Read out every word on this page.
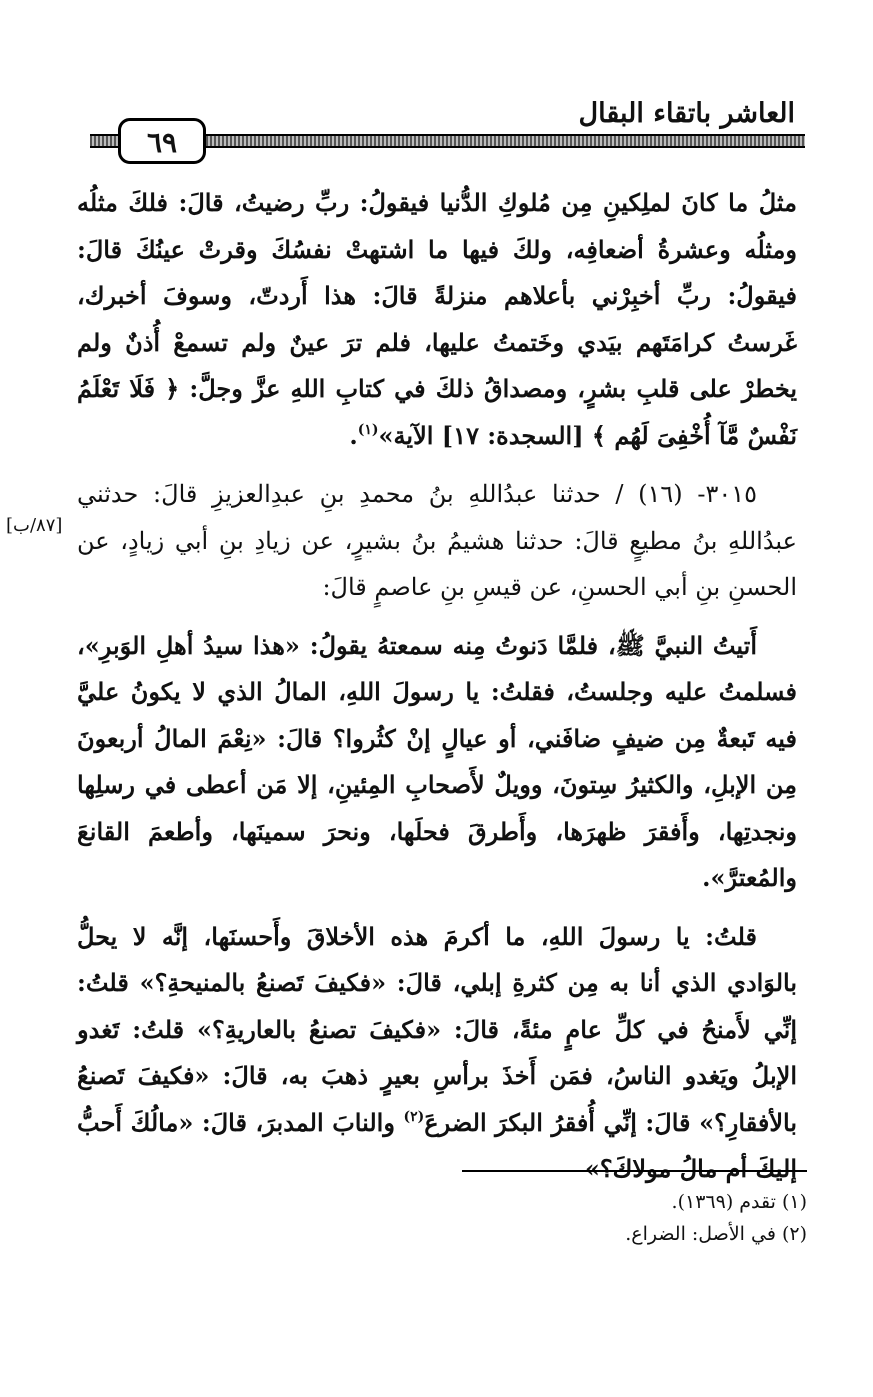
العاشر باتقاء البقال
٦٩
[٨٧/ب]

مثلُ ما كانَ لملِكينِ مِن مُلوكِ الدُّنيا فيقولُ: ربِّ رضيتُ، قالَ: فلكَ مثلُه ومثلُه وعشرةُ أضعافِه، ولكَ فيها ما اشتهتْ نفسُكَ وقرتْ عينُكَ قالَ: فيقولُ: ربِّ أخبِرْني بأعلاهم منزلةً قالَ: هذا أَردتّ، وسوفَ أخبرك، غَرستُ كرامَتَهم بيَدي وخَتمتُ عليها، فلم ترَ عينٌ ولم تسمعْ أُذنٌ ولم يخطرْ على قلبِ بشرٍ، ومصداقُ ذلكَ في كتابِ اللهِ عزَّ وجلَّ: ﴿ فَلَا تَعْلَمُ نَفْسٌ مَّآ أُخْفِىَ لَهُم ﴾ [السجدة: ١٧] الآية»$^{(١)}$.

٣٠١٥- (١٦) / حدثنا عبدُاللهِ بنُ محمدِ بنِ عبدِالعزيزِ قالَ: حدثني عبدُاللهِ بنُ مطيعٍ قالَ: حدثنا هشيمُ بنُ بشيرٍ، عن زيادِ بنِ أبي زيادٍ، عن الحسنِ بنِ أبي الحسنِ، عن قيسِ بنِ عاصمٍ قالَ:

أَتيتُ النبيَّ ﷺ، فلمَّا دَنوتُ مِنه سمعتهُ يقولُ: «هذا سيدُ أهلِ الوَبرِ»، فسلمتُ عليه وجلستُ، فقلتُ: يا رسولَ اللهِ، المالُ الذي لا يكونُ عليَّ فيه تَبعةٌ مِن ضيفٍ ضافَني، أو عيالٍ إنْ كثُروا؟ قالَ: «نِعْمَ المالُ أربعونَ مِن الإبلِ، والكثيرُ سِتونَ، وويلٌ لأَصحابِ المِئينِ، إلا مَن أعطى في رسلِها ونجدتِها، وأَفقرَ ظهرَها، وأَطرقَ فحلَها، ونحرَ سمينَها، وأطعمَ القانعَ والمُعترَّ».

قلتُ: يا رسولَ اللهِ، ما أكرمَ هذه الأخلاقَ وأَحسنَها، إنَّه لا يحلُّ بالوَادي الذي أنا به مِن كثرةِ إبلي، قالَ: «فكيفَ تَصنعُ بالمنيحةِ؟» قلتُ: إنِّي لأَمنحُ في كلِّ عامٍ مئةً، قالَ: «فكيفَ تصنعُ بالعاريةِ؟» قلتُ: تَغدو الإبلُ ويَغدو الناسُ، فمَن أَخذَ برأسِ بعيرٍ ذهبَ به، قالَ: «فكيفَ تَصنعُ بالأفقارِ؟» قالَ: إنِّي أُفقرُ البكرَ الضرعَ$^{(٢)}$ والنابَ المدبرَ، قالَ: «مالُكَ أَحبُّ إليكَ أم مالُ مولاكَ؟»

(١) تقدم (١٣٦٩).

(٢) في الأصل: الضراع.
